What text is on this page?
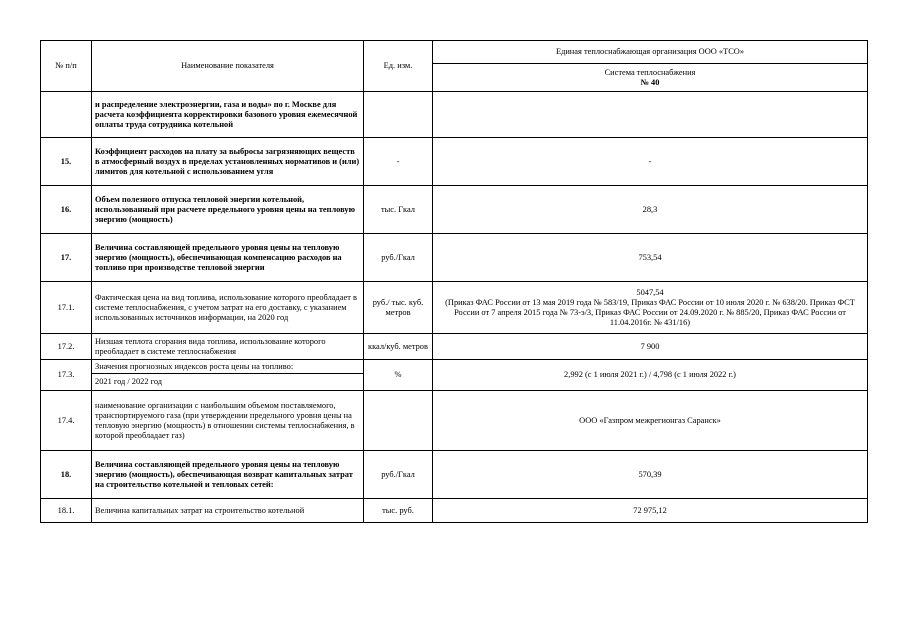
№ п/п	Наименование показателя	Ед. изм.	Единая теплоснабжающая организация ООО «ТСО»

			Система теплоснабжения
№ 40

	и распределение электроэнергии, газа и воды» по г. Москве для расчета коэффициента корректировки базового уровня ежемесячной оплаты труда сотрудника котельной		
15.	Коэффициент расходов на плату за выбросы загрязняющих веществ в атмосферный воздух в пределах установленных нормативов и (или) лимитов для котельной с использованием угля	-	-
16.	Объем полезного отпуска тепловой энергии котельной, использованный при расчете предельного уровня цены на тепловую энергию (мощность)	тыс. Гкал	28,3
17.	Величина составляющей предельного уровня цены на тепловую энергию (мощность), обеспечивающая компенсацию расходов на топливо при производстве тепловой энергии	руб./Гкал	753,54
17.1.	Фактическая цена на вид топлива, использование которого преобладает в системе теплоснабжения, с учетом затрат на его доставку, с указанием использованных источников информации, на 2020 год	руб./ тыс. куб. метров	5047,54
(Приказ ФАС России от 13 мая 2019 года № 583/19, Приказ ФАС России от 10 июля 2020 г. № 638/20. Приказ ФСТ России от 7 апреля 2015 года № 73-э/3, Приказ ФАС России от 24.09.2020 г. № 885/20, Приказ ФАС России от 11.04.2016г. № 431/16)

17.2.	Низшая теплота сгорания вида топлива, использование которого преобладает в системе теплоснабжения	ккал/куб. метров	7 900
17.3.	Значения прогнозных индексов роста цены на топливо:	%	2,992 (с 1 июля 2021 г.) / 4,798 (с 1 июля 2022 г.)
	2021 год / 2022 год		
17.4.	наименование организации с наибольшим объемом поставляемого, транспортируемого газа (при утверждении предельного уровня цены на тепловую энергию (мощность) в отношении системы теплоснабжения, в которой преобладает газ)		ООО «Газпром межрегионгаз Саранск»
18.	Величина составляющей предельного уровня цены на тепловую энергию (мощность), обеспечивающая возврат капитальных затрат на строительство котельной и тепловых сетей:	руб./Гкал	570,39
18.1.	Величина капитальных затрат на строительство котельной	тыс. руб.	72 975,12
